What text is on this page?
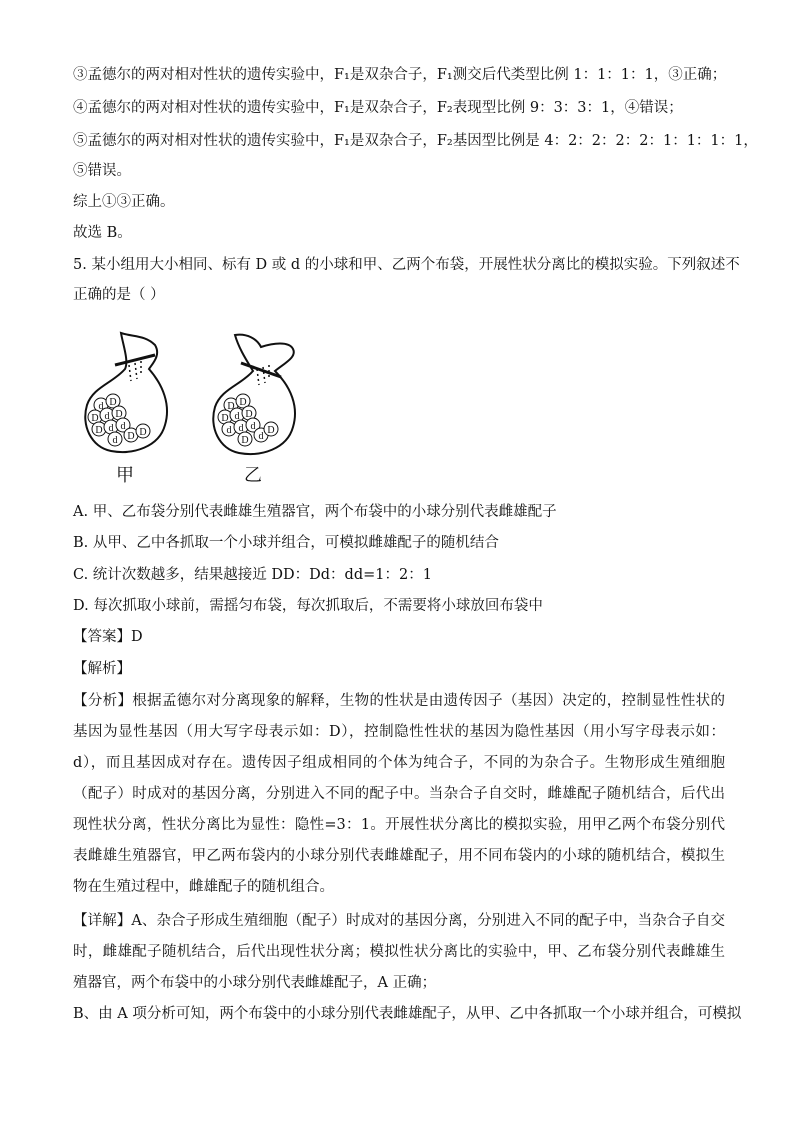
③孟德尔的两对相对性状的遗传实验中，F₁是双杂合子，F₁测交后代类型比例 1：1：1：1，③正确；
④孟德尔的两对相对性状的遗传实验中，F₁是双杂合子，F₂表现型比例 9：3：3：1，④错误；
⑤孟德尔的两对相对性状的遗传实验中，F₁是双杂合子，F₂基因型比例是 4：2：2：2：2：1：1：1：1，
⑤错误。
综上①③正确。
故选 B。
5. 某小组用大小相同、标有 D 或 d 的小球和甲、乙两个布袋，开展性状分离比的模拟实验。下列叙述不
正确的是（ ）
d D
D d D
D d d
d D D
D D
D d D
d d d
D d
D
甲	乙
A. 甲、乙布袋分别代表雌雄生殖器官，两个布袋中的小球分别代表雌雄配子
B. 从甲、乙中各抓取一个小球并组合，可模拟雌雄配子的随机结合
C. 统计次数越多，结果越接近 DD：Dd：dd=1：2：1
D. 每次抓取小球前，需摇匀布袋，每次抓取后，不需要将小球放回布袋中
【答案】D
【解析】
【分析】根据孟德尔对分离现象的解释，生物的性状是由遗传因子（基因）决定的，控制显性性状的基因为显性基因（用大写字母表示如：D），控制隐性性状的基因为隐性基因（用小写字母表示如：d），而且基因成对存在。遗传因子组成相同的个体为纯合子，不同的为杂合子。生物形成生殖细胞（配子）时成对的基因分离，分别进入不同的配子中。当杂合子自交时，雌雄配子随机结合，后代出现性状分离，性状分离比为显性：隐性=3：1。开展性状分离比的模拟实验，用甲乙两个布袋分别代表雌雄生殖器官，甲乙两布袋内的小球分别代表雌雄配子，用不同布袋内的小球的随机结合，模拟生物在生殖过程中，雌雄配子的随机组合。
【详解】A、杂合子形成生殖细胞（配子）时成对的基因分离，分别进入不同的配子中，当杂合子自交时，雌雄配子随机结合，后代出现性状分离；模拟性状分离比的实验中，甲、乙布袋分别代表雌雄生殖器官，两个布袋中的小球分别代表雌雄配子，A 正确；
B、由 A 项分析可知，两个布袋中的小球分别代表雌雄配子，从甲、乙中各抓取一个小球并组合，可模拟
